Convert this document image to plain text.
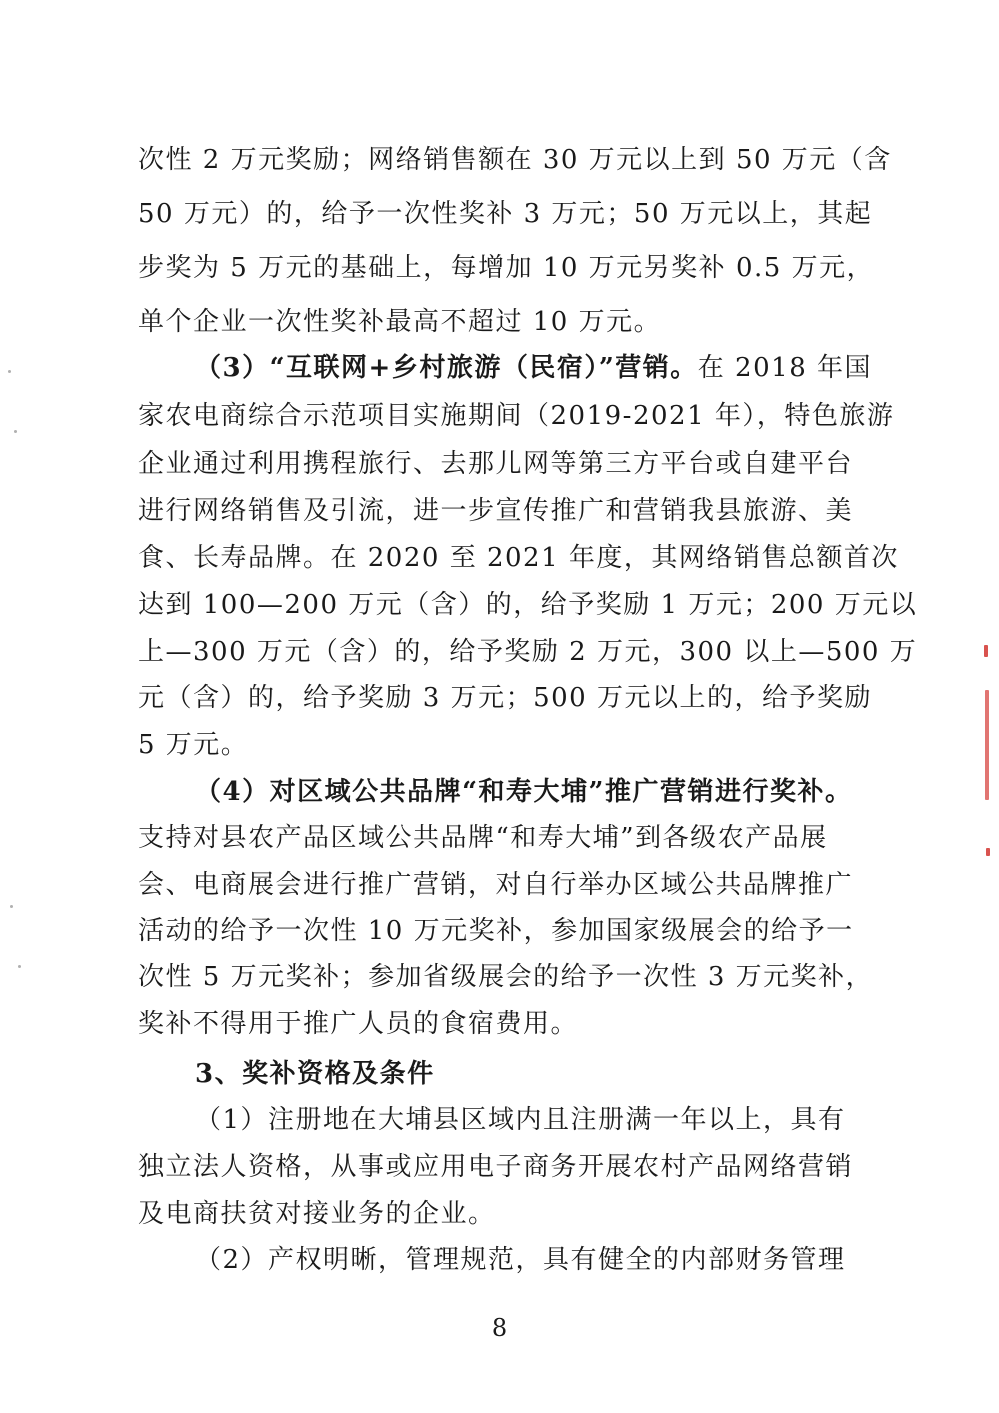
次性 2 万元奖励；网络销售额在 30 万元以上到 50 万元（含
50 万元）的，给予一次性奖补 3 万元；50 万元以上，其起
步奖为 5 万元的基础上，每增加 10 万元另奖补 0.5 万元，
单个企业一次性奖补最高不超过 10 万元。
（3）“互联网+乡村旅游（民宿）”营销。在 2018 年国
家农电商综合示范项目实施期间（2019-2021 年），特色旅游
企业通过利用携程旅行、去那儿网等第三方平台或自建平台
进行网络销售及引流，进一步宣传推广和营销我县旅游、美
食、长寿品牌。在 2020 至 2021 年度，其网络销售总额首次
达到 100—200 万元（含）的，给予奖励 1 万元；200 万元以
上—300 万元（含）的，给予奖励 2 万元，300 以上—500 万
元（含）的，给予奖励 3 万元；500 万元以上的，给予奖励
5 万元。
（4）对区域公共品牌“和寿大埔”推广营销进行奖补。
支持对县农产品区域公共品牌“和寿大埔”到各级农产品展
会、电商展会进行推广营销，对自行举办区域公共品牌推广
活动的给予一次性 10 万元奖补，参加国家级展会的给予一
次性 5 万元奖补；参加省级展会的给予一次性 3 万元奖补，
奖补不得用于推广人员的食宿费用。
3、奖补资格及条件
（1）注册地在大埔县区域内且注册满一年以上，具有
独立法人资格，从事或应用电子商务开展农村产品网络营销
及电商扶贫对接业务的企业。
（2）产权明晰，管理规范，具有健全的内部财务管理
8
